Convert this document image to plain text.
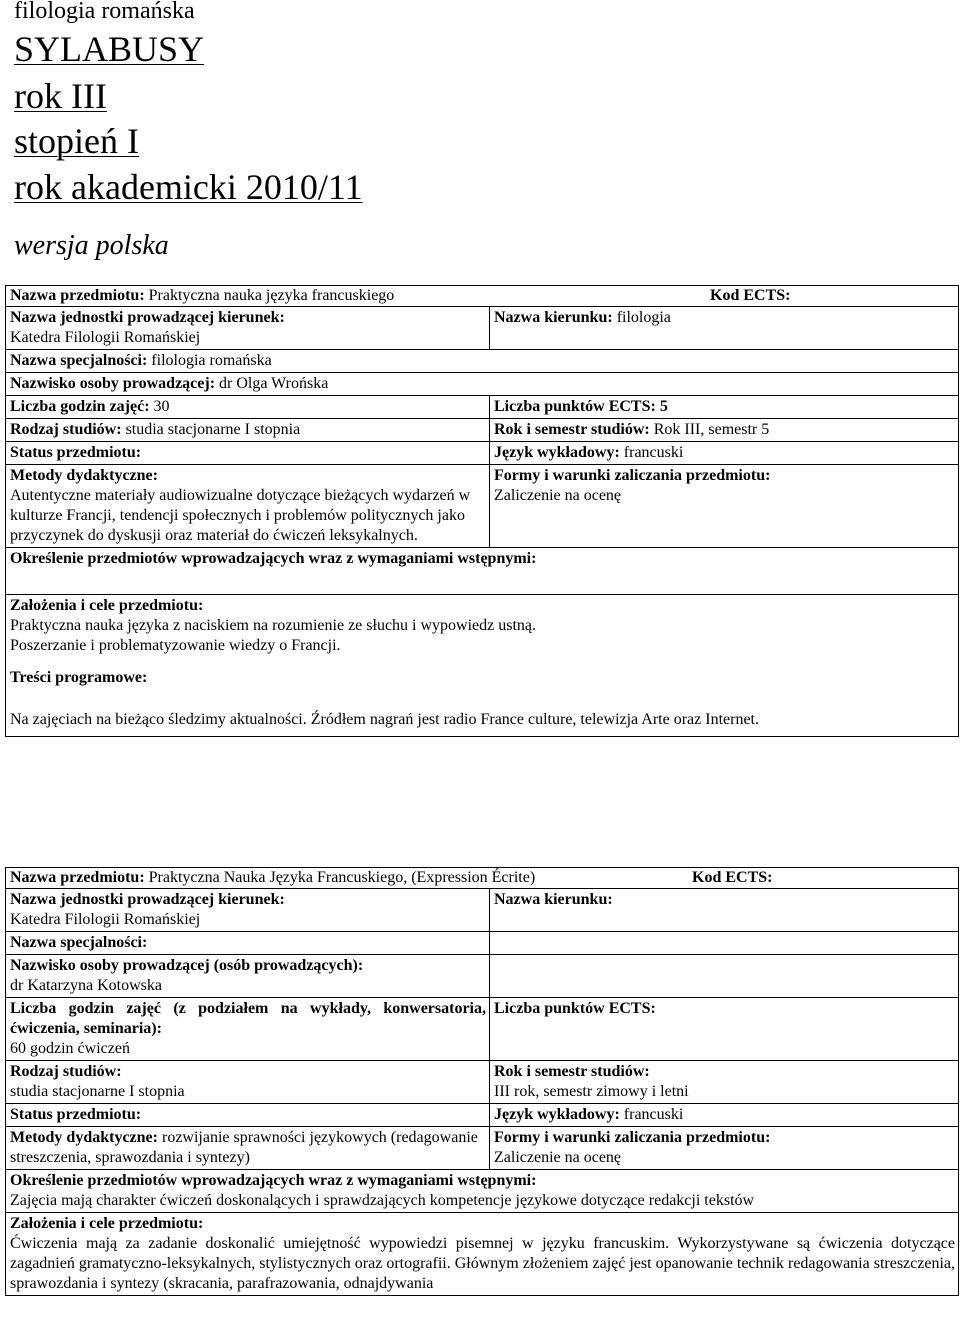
filologia romańska

SYLABUSY

rok III

stopień I

rok akademicki 2010/11

wersja polska

Nazwa przedmiotu: Praktyczna nauka języka francuskiego	Kod ECTS:

Nazwa jednostki prowadzącej kierunek:
Katedra Filologii Romańskiej
	Nazwa kierunku: filologia
Nazwa specjalności: filologia romańska
Nazwisko osoby prowadzącej: dr Olga Wrońska
Liczba godzin zajęć: 30	Liczba punktów ECTS: 5
Rodzaj studiów: studia stacjonarne I stopnia	Rok i semestr studiów: Rok III, semestr 5
Status przedmiotu:	Język wykładowy: francuski

Metody dydaktyczne:
Autentyczne materiały audiowizualne dotyczące bieżących wydarzeń w kulturze Francji, tendencji społecznych i problemów politycznych jako przyczynek do dyskusji oraz materiał do ćwiczeń leksykalnych.

Formy i warunki zaliczania przedmiotu:
Zaliczenie na ocenę

Określenie przedmiotów wprowadzających wraz z wymaganiami wstępnymi:

Założenia i cele przedmiotu:
Praktyczna nauka języka z naciskiem na rozumienie ze słuchu i wypowiedz ustną.
Poszerzanie i problematyzowanie wiedzy o Francji.
Treści programowe:
Na zajęciach na bieżąco śledzimy aktualności. Źródłem nagrań jest radio France culture, telewizja Arte oraz Internet.
Nazwa przedmiotu: Praktyczna Nauka Języka Francuskiego, (Expression Écrite)	Kod ECTS:

Nazwa jednostki prowadzącej kierunek:
Katedra Filologii Romańskiej
	Nazwa kierunku:
Nazwa specjalności:	

Nazwisko osoby prowadzącej (osób prowadzących):
dr Katarzyna Kotowska

Liczba godzin zajęć (z podziałem na wykłady, konwersatoria, ćwiczenia, seminaria):
60 godzin ćwiczeń
	Liczba punktów ECTS:

Rodzaj studiów:
studia stacjonarne I stopnia

Rok i semestr studiów:
III rok, semestr zimowy i letni

Status przedmiotu:	Język wykładowy: francuski
Metody dydaktyczne: rozwijanie sprawności językowych (redagowanie streszczenia, sprawozdania i syntezy)	
Formy i warunki zaliczania przedmiotu:
Zaliczenie na ocenę

Określenie przedmiotów wprowadzających wraz z wymaganiami wstępnymi:
Zajęcia mają charakter ćwiczeń doskonalących i sprawdzających kompetencje językowe dotyczące redakcji tekstów

Założenia i cele przedmiotu:
Ćwiczenia mają za zadanie doskonalić umiejętność wypowiedzi pisemnej w języku francuskim. Wykorzystywane są ćwiczenia dotyczące zagadnień gramatyczno-leksykalnych, stylistycznych oraz ortografii. Głównym złożeniem zajęć jest opanowanie technik redagowania streszczenia, sprawozdania i syntezy (skracania, parafrazowania, odnajdywania
